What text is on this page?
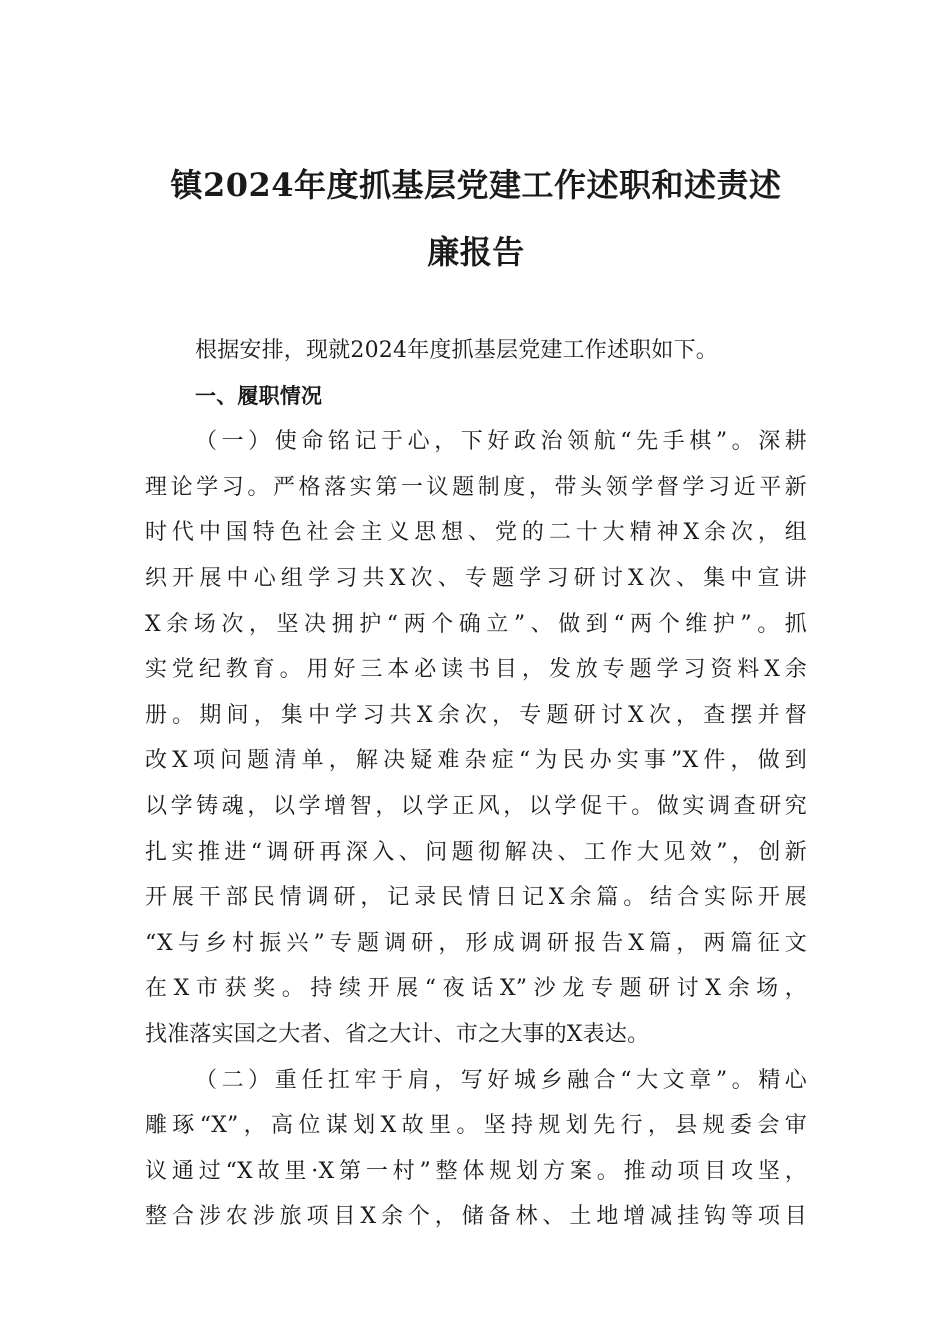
镇2024年度抓基层党建工作述职和述责述
廉报告
根据安排，现就2024年度抓基层党建工作述职如下。
一、履职情况

（一）使命铭记于心，下好政治领航“先手棋”。深耕
理论学习。严格落实第一议题制度，带头领学督学习近平新
时代中国特色社会主义思想、党的二十大精神X余次，组
织开展中心组学习共X次、专题学习研讨X次、集中宣讲
X余场次，坚决拥护“两个确立”、做到“两个维护”。抓
实党纪教育。用好三本必读书目，发放专题学习资料X余
册。期间，集中学习共X余次，专题研讨X次，查摆并督
改X项问题清单，解决疑难杂症“为民办实事”X件，做到
以学铸魂，以学增智，以学正风，以学促干。做实调查研究
扎实推进“调研再深入、问题彻解决、工作大见效”，创新
开展干部民情调研，记录民情日记X余篇。结合实际开展
“X与乡村振兴”专题调研，形成调研报告X篇，两篇征文
在X市获奖。持续开展“夜话X”沙龙专题研讨X余场，
找准落实国之大者、省之大计、市之大事的X表达。

（二）重任扛牢于肩，写好城乡融合“大文章”。精心
雕琢“X”，高位谋划X故里。坚持规划先行，县规委会审
议通过“X故里·X第一村”整体规划方案。推动项目攻坚，
整合涉农涉旅项目X余个，储备林、土地增减挂钩等项目
